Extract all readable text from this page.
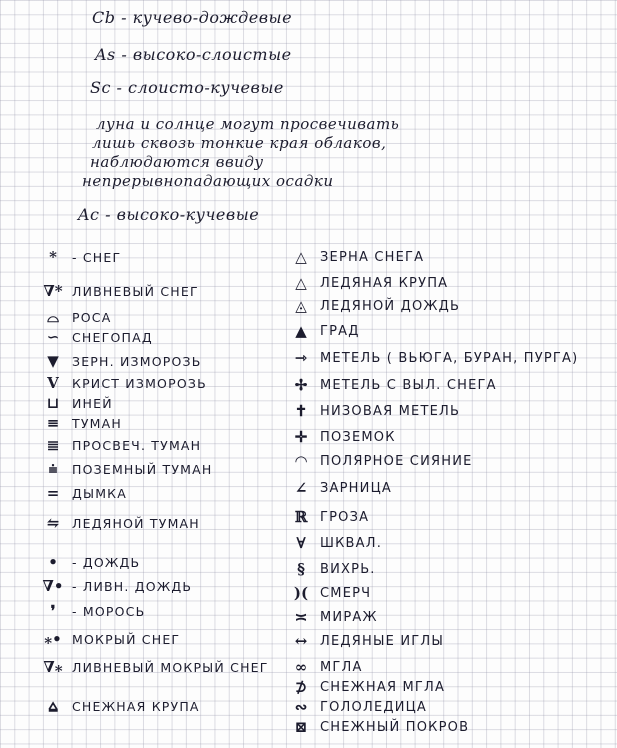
Cb - кучево-дождевые
As - высоко-слоистые
Sc - слоисто-кучевые
луна и солнце могут просвечивать
лишь сквозь тонкие края облаков,
наблюдаются ввиду
непрерывнопадающих осадки
Ac - высоко-кучевые
*	- СНЕГ
∇* ЛИВНЕВЫЙ СНЕГ
⌓	РОСА
∽	СНЕГОПАД
▼	ЗЕРН. ИЗМОРОЗЬ
V	КРИСТ ИЗМОРОЗЬ
⊔	ИНЕЙ
≡	ТУМАН
≣	ПРОСВЕЧ. ТУМАН
⩧	ПОЗЕМНЫЙ ТУМАН
=	ДЫМКА
⇋	ЛЕДЯНОЙ ТУМАН
•	- ДОЖДЬ
∇• - ЛИВН. ДОЖДЬ
❜	- МОРОСЬ
⁎• МОКРЫЙ СНЕГ
∇⁎ ЛИВНЕВЫЙ МОКРЫЙ СНЕГ
⩠	СНЕЖНАЯ КРУПА
△	ЗЕРНА СНЕГА
△	ЛЕДЯНАЯ КРУПА
◬	ЛЕДЯНОЙ ДОЖДЬ
▲	ГРАД
⇾ МЕТЕЛЬ ( ВЬЮГА, БУРАН, ПУРГА)
✢ МЕТЕЛЬ С ВЫЛ. СНЕГА
✝ НИЗОВАЯ МЕТЕЛЬ
✛ ПОЗЕМОК
◠ ПОЛЯРНОЕ СИЯНИЕ
∠ ЗАРНИЦА
ℝ ГРОЗА
∀	ШКВАЛ.
§	ВИХРЬ.
)( СМЕРЧ
≍ МИРАЖ
↔ ЛЕДЯНЫЕ ИГЛЫ
∞ МГЛА
⊅ СНЕЖНАЯ МГЛА
∾ ГОЛОЛЕДИЦА
⊠ СНЕЖНЫЙ ПОКРОВ
